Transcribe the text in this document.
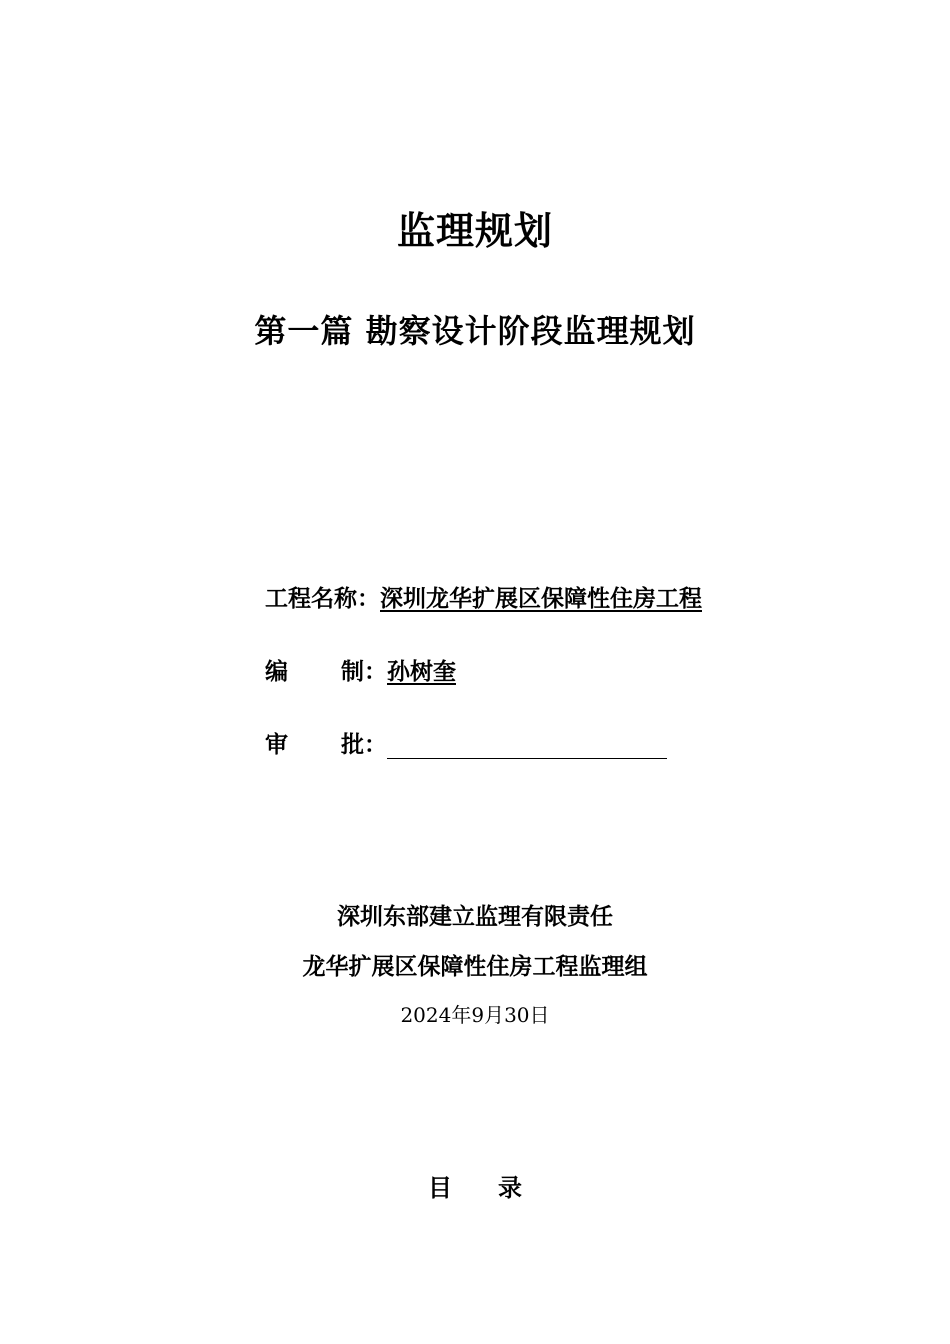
监理规划
第一篇 勘察设计阶段监理规划
工程名称：深圳龙华扩展区保障性住房工程
编 制：孙树奎
审 批：
深圳东部建立监理有限责任
龙华扩展区保障性住房工程监理组
2024年9月30日
目 录
